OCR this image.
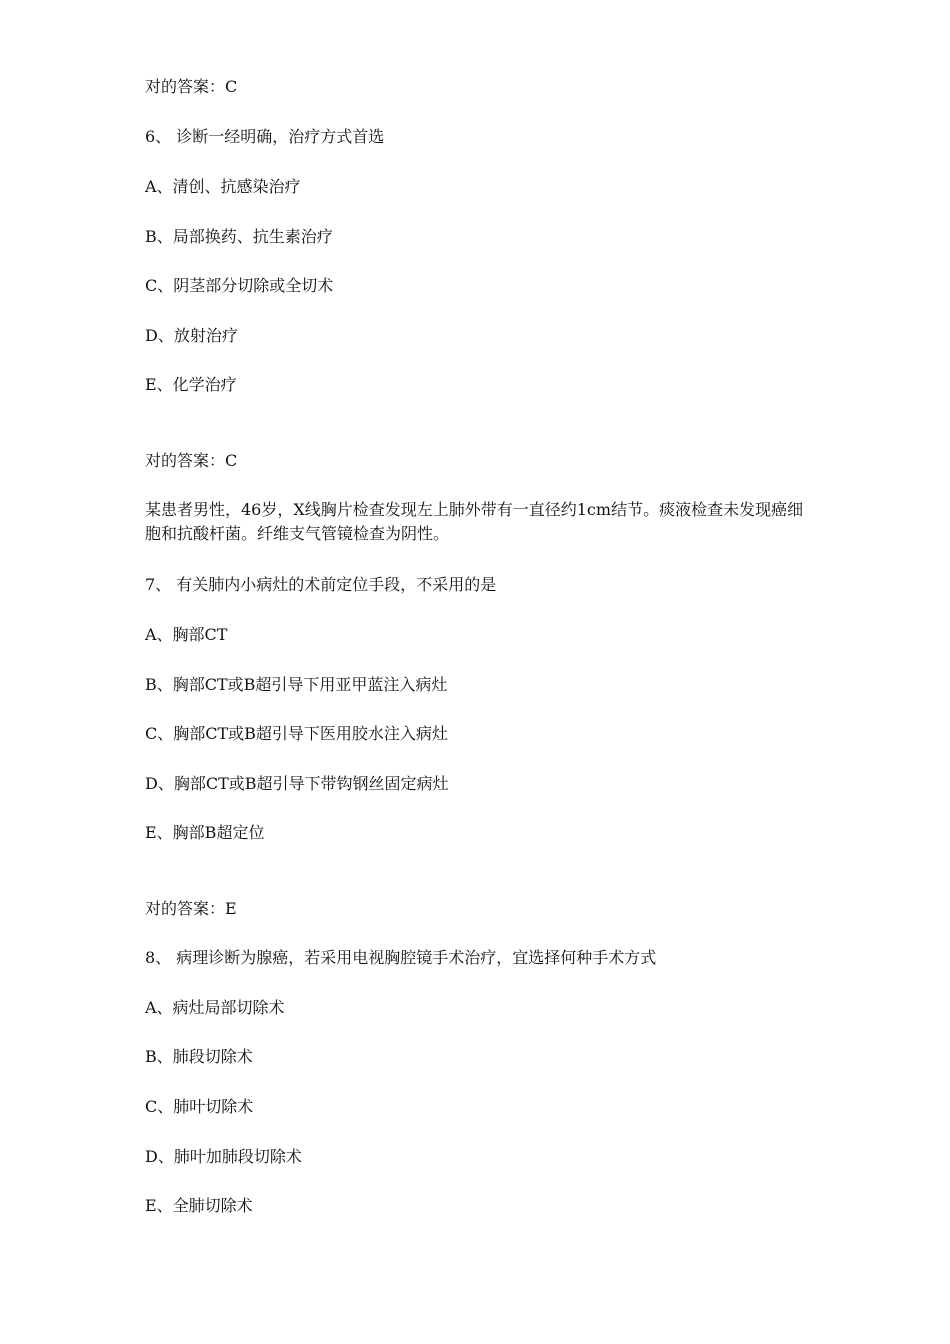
对的答案：C

6、 诊断一经明确，治疗方式首选

A、清创、抗感染治疗

B、局部换药、抗生素治疗

C、阴茎部分切除或全切术

D、放射治疗

E、化学治疗

对的答案：C

某患者男性，46岁，X线胸片检查发现左上肺外带有一直径约1cm结节。痰液检查未发现癌细胞和抗酸杆菌。纤维支气管镜检查为阴性。

7、 有关肺内小病灶的术前定位手段，不采用的是

A、胸部CT

B、胸部CT或B超引导下用亚甲蓝注入病灶

C、胸部CT或B超引导下医用胶水注入病灶

D、胸部CT或B超引导下带钩钢丝固定病灶

E、胸部B超定位

对的答案：E

8、 病理诊断为腺癌，若采用电视胸腔镜手术治疗，宜选择何种手术方式

A、病灶局部切除术

B、肺段切除术

C、肺叶切除术

D、肺叶加肺段切除术

E、全肺切除术
